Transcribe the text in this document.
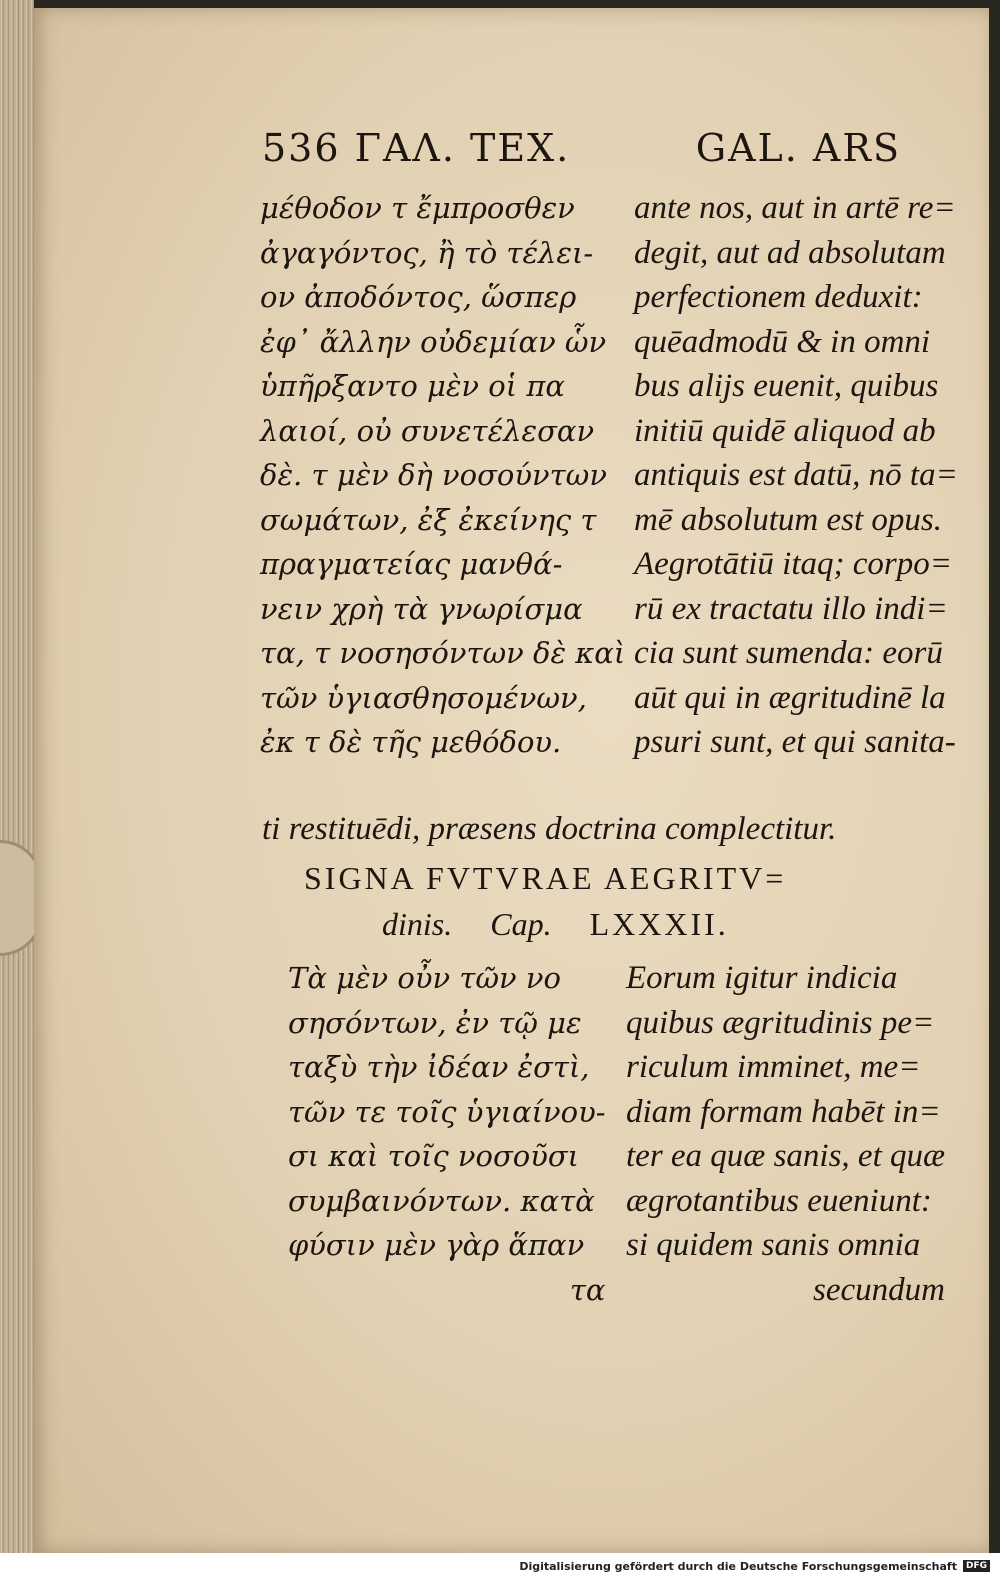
536 ΓΑΛ. ΤΕΧ.	GAL. ARS
μέθοδον τ ἔμπροσθεν
ἀγαγόντος, ἢ τὸ τέλει-
ον ἀποδόντος, ὥσπερ
ἐφ᾽ ἄλλην οὐδεμίαν ὧν
ὑπῆρξαντο μὲν οἱ πα
λαιοί, οὐ συνετέλεσαν
δὲ. τ μὲν δὴ νοσούντων
σωμάτων, ἐξ ἐκείνης τ
πραγματείας μανθά-
νειν χρὴ τὰ γνωρίσμα
τα, τ νοσησόντων δὲ καὶ
τῶν ὑγιασθησομένων,
ἐκ τ δὲ τῆς μεθόδου.
ante nos, aut in artē re=
degit, aut ad absolutam
perfectionem deduxit:
quēadmodū & in omni
bus alijs euenit, quibus
initiū quidē aliquod ab
antiquis est datū, nō ta=
mē absolutum est opus.
Aegrotātiū itaq; corpo=
rū ex tractatu illo indi=
cia sunt sumenda: eorū
aūt qui in ægritudinē la
psuri sunt, et qui sanita-
ti restituēdi, præsens doctrina complectitur.
SIGNA FVTVRAE AEGRITV=
dinis. Cap. LXXXII.
Τὰ μὲν οὖν τῶν νο
σησόντων, ἐν τῷ με
ταξὺ τὴν ἰδέαν ἐστὶ,
τῶν τε τοῖς ὑγιαίνου-
σι καὶ τοῖς νοσοῦσι
συμβαινόντων. κατὰ
φύσιν μὲν γὰρ ἅπαν
τα
Eorum igitur indicia
quibus ægritudinis pe=
riculum imminet, me=
diam formam habēt in=
ter ea quæ sanis, et quæ
ægrotantibus eueniunt:
si quidem sanis omnia
secundum
Digitalisierung gefördert durch die Deutsche Forschungsgemeinschaft	DFG
